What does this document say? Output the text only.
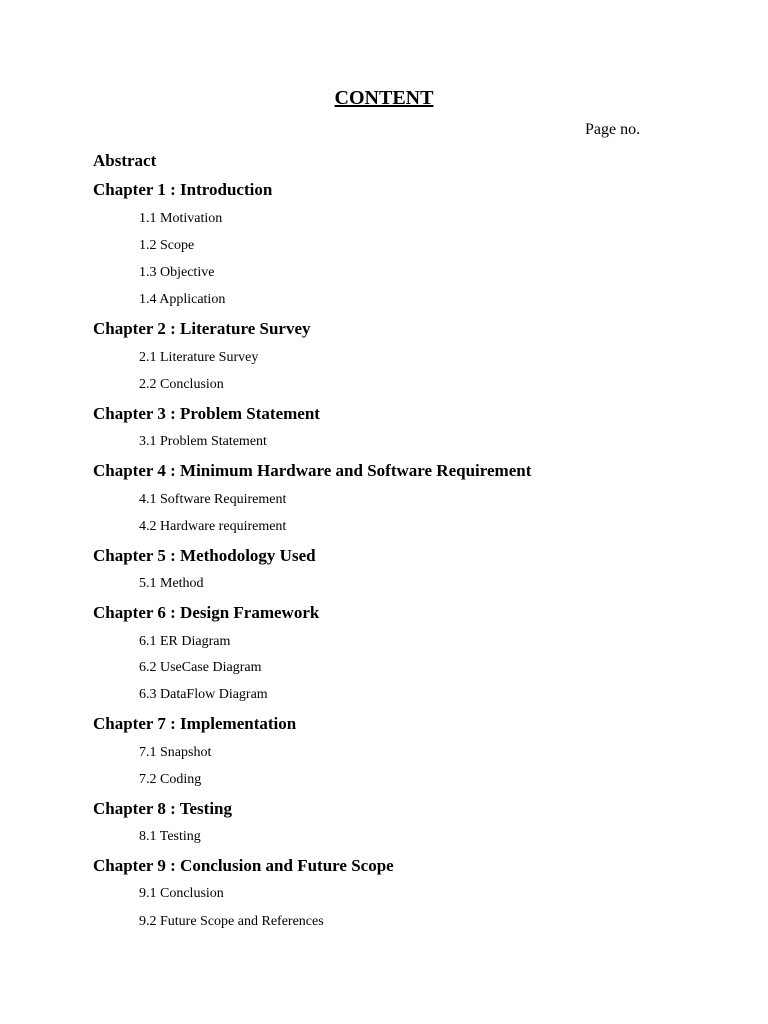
CONTENT
Page no.
Abstract
Chapter 1 : Introduction
1.1 Motivation
1.2 Scope
1.3 Objective
1.4 Application
Chapter 2 : Literature Survey
2.1 Literature Survey
2.2 Conclusion
Chapter 3 : Problem Statement
3.1 Problem Statement
Chapter 4 : Minimum Hardware and Software Requirement
4.1 Software Requirement
4.2 Hardware requirement
Chapter 5 : Methodology Used
5.1 Method
Chapter 6 : Design Framework
6.1 ER Diagram
6.2 UseCase Diagram
6.3 DataFlow Diagram
Chapter 7 : Implementation
7.1 Snapshot
7.2 Coding
Chapter 8 : Testing
8.1 Testing
Chapter 9 : Conclusion and Future Scope
9.1 Conclusion
9.2 Future Scope and References
